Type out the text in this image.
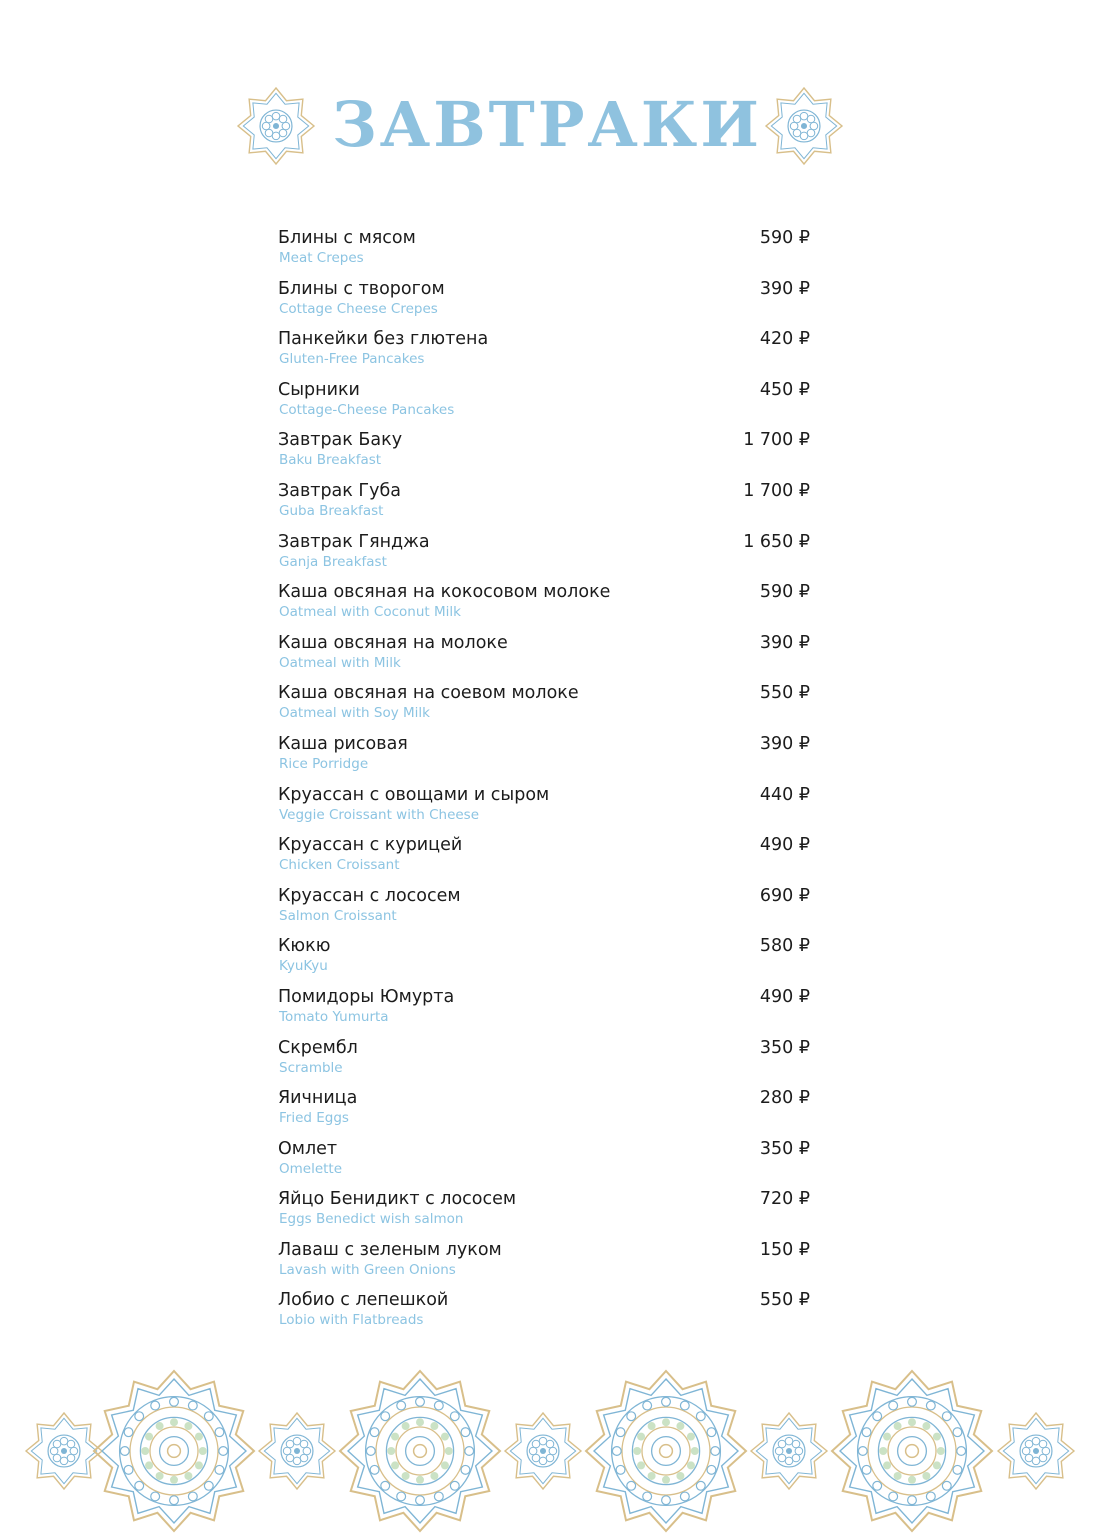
ЗАВТРАКИ
Блины с мясом
Meat Crepes
590 ₽
Блины с творогом
Cottage Cheese Crepes
390 ₽
Панкейки без глютена
Gluten-Free Pancakes
420 ₽
Сырники
Cottage-Cheese Pancakes
450 ₽
Завтрак Баку
Baku Breakfast
1 700 ₽
Завтрак Губа
Guba Breakfast
1 700 ₽
Завтрак Гянджа
Ganja Breakfast
1 650 ₽
Каша овсяная на кокосовом молоке
Oatmeal with Coconut Milk
590 ₽
Каша овсяная на молоке
Oatmeal with Milk
390 ₽
Каша овсяная на соевом молоке
Oatmeal with Soy Milk
550 ₽
Каша рисовая
Rice Porridge
390 ₽
Круассан с овощами и сыром
Veggie Croissant with Cheese
440 ₽
Круассан с курицей
Chicken Croissant
490 ₽
Круассан с лососем
Salmon Croissant
690 ₽
Кюкю
KyuKyu
580 ₽
Помидоры Юмурта
Tomato Yumurta
490 ₽
Скрембл
Scramble
350 ₽
Яичница
Fried Eggs
280 ₽
Омлет
Omelette
350 ₽
Яйцо Бенидикт с лососем
Eggs Benedict wish salmon
720 ₽
Лаваш с зеленым луком
Lavash with Green Onions
150 ₽
Лобио с лепешкой
Lobio with Flatbreads
550 ₽
